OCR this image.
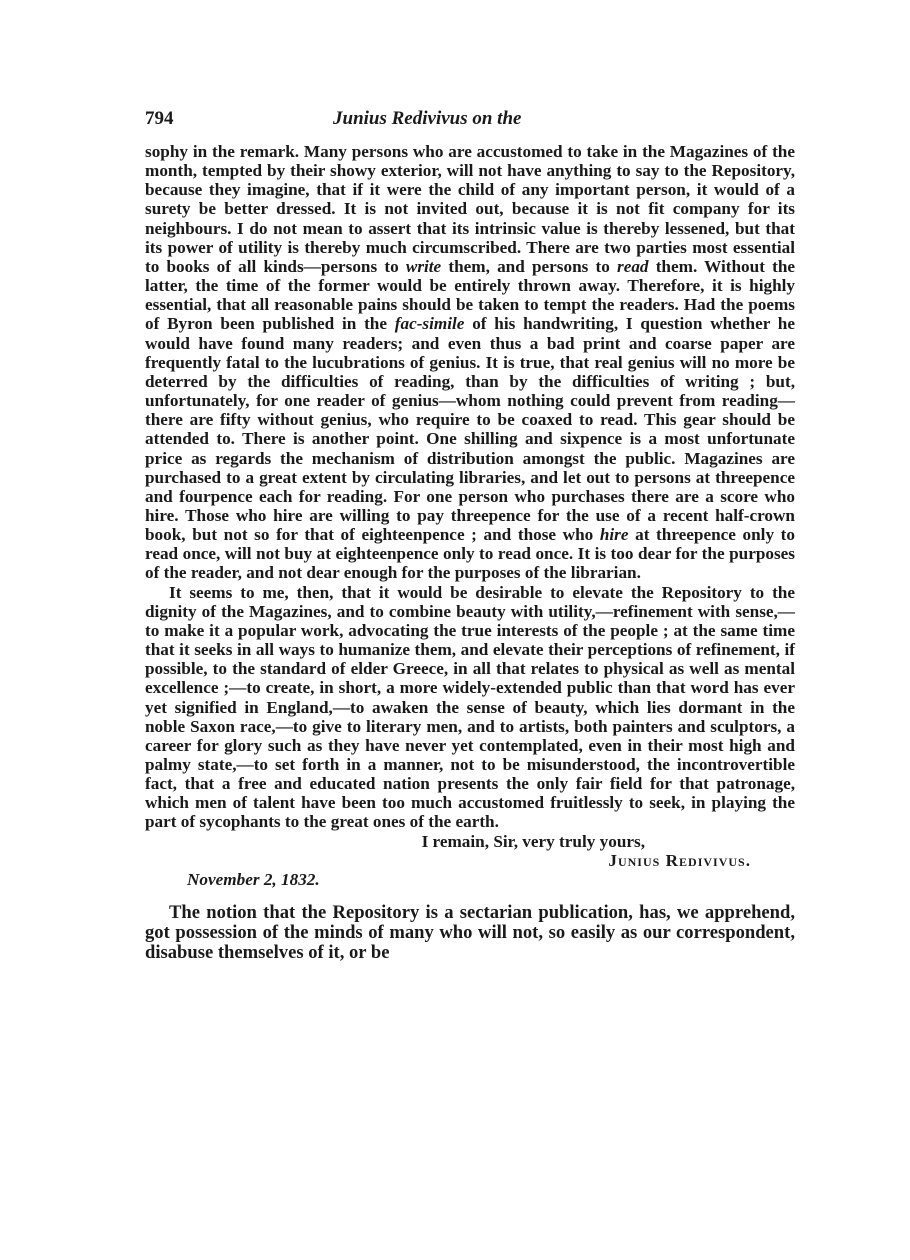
794	Junius Redivivus on the

sophy in the remark. Many persons who are accustomed to take in the Magazines of the month, tempted by their showy exterior, will not have anything to say to the Repository, because they imagine, that if it were the child of any important person, it would of a surety be better dressed. It is not invited out, because it is not fit company for its neighbours. I do not mean to assert that its intrinsic value is thereby lessened, but that its power of utility is thereby much circumscribed. There are two parties most essential to books of all kinds—persons to write them, and persons to read them. Without the latter, the time of the former would be entirely thrown away. Therefore, it is highly essential, that all reasonable pains should be taken to tempt the readers. Had the poems of Byron been published in the fac-simile of his handwriting, I question whether he would have found many readers; and even thus a bad print and coarse paper are frequently fatal to the lucubrations of genius. It is true, that real genius will no more be deterred by the difficulties of reading, than by the difficulties of writing ; but, unfortunately, for one reader of genius—whom nothing could prevent from reading—there are fifty without genius, who require to be coaxed to read. This gear should be attended to. There is another point. One shilling and sixpence is a most unfortunate price as regards the mechanism of distribution amongst the public. Magazines are purchased to a great extent by circulating libraries, and let out to persons at threepence and fourpence each for reading. For one person who purchases there are a score who hire. Those who hire are willing to pay threepence for the use of a recent half-crown book, but not so for that of eighteenpence ; and those who hire at threepence only to read once, will not buy at eighteenpence only to read once. It is too dear for the purposes of the reader, and not dear enough for the purposes of the librarian.

It seems to me, then, that it would be desirable to elevate the Repository to the dignity of the Magazines, and to combine beauty with utility,—refinement with sense,—to make it a popular work, advocating the true interests of the people ; at the same time that it seeks in all ways to humanize them, and elevate their perceptions of refinement, if possible, to the standard of elder Greece, in all that relates to physical as well as mental excellence ;—to create, in short, a more widely-extended public than that word has ever yet signified in England,—to awaken the sense of beauty, which lies dormant in the noble Saxon race,—to give to literary men, and to artists, both painters and sculptors, a career for glory such as they have never yet contemplated, even in their most high and palmy state,—to set forth in a manner, not to be misunderstood, the incontrovertible fact, that a free and educated nation presents the only fair field for that patronage, which men of talent have been too much accustomed fruitlessly to seek, in playing the part of sycophants to the great ones of the earth.

I remain, Sir, very truly yours,

Junius Redivivus.

November 2, 1832.

The notion that the Repository is a sectarian publication, has, we apprehend, got possession of the minds of many who will not, so easily as our correspondent, disabuse themselves of it, or be
